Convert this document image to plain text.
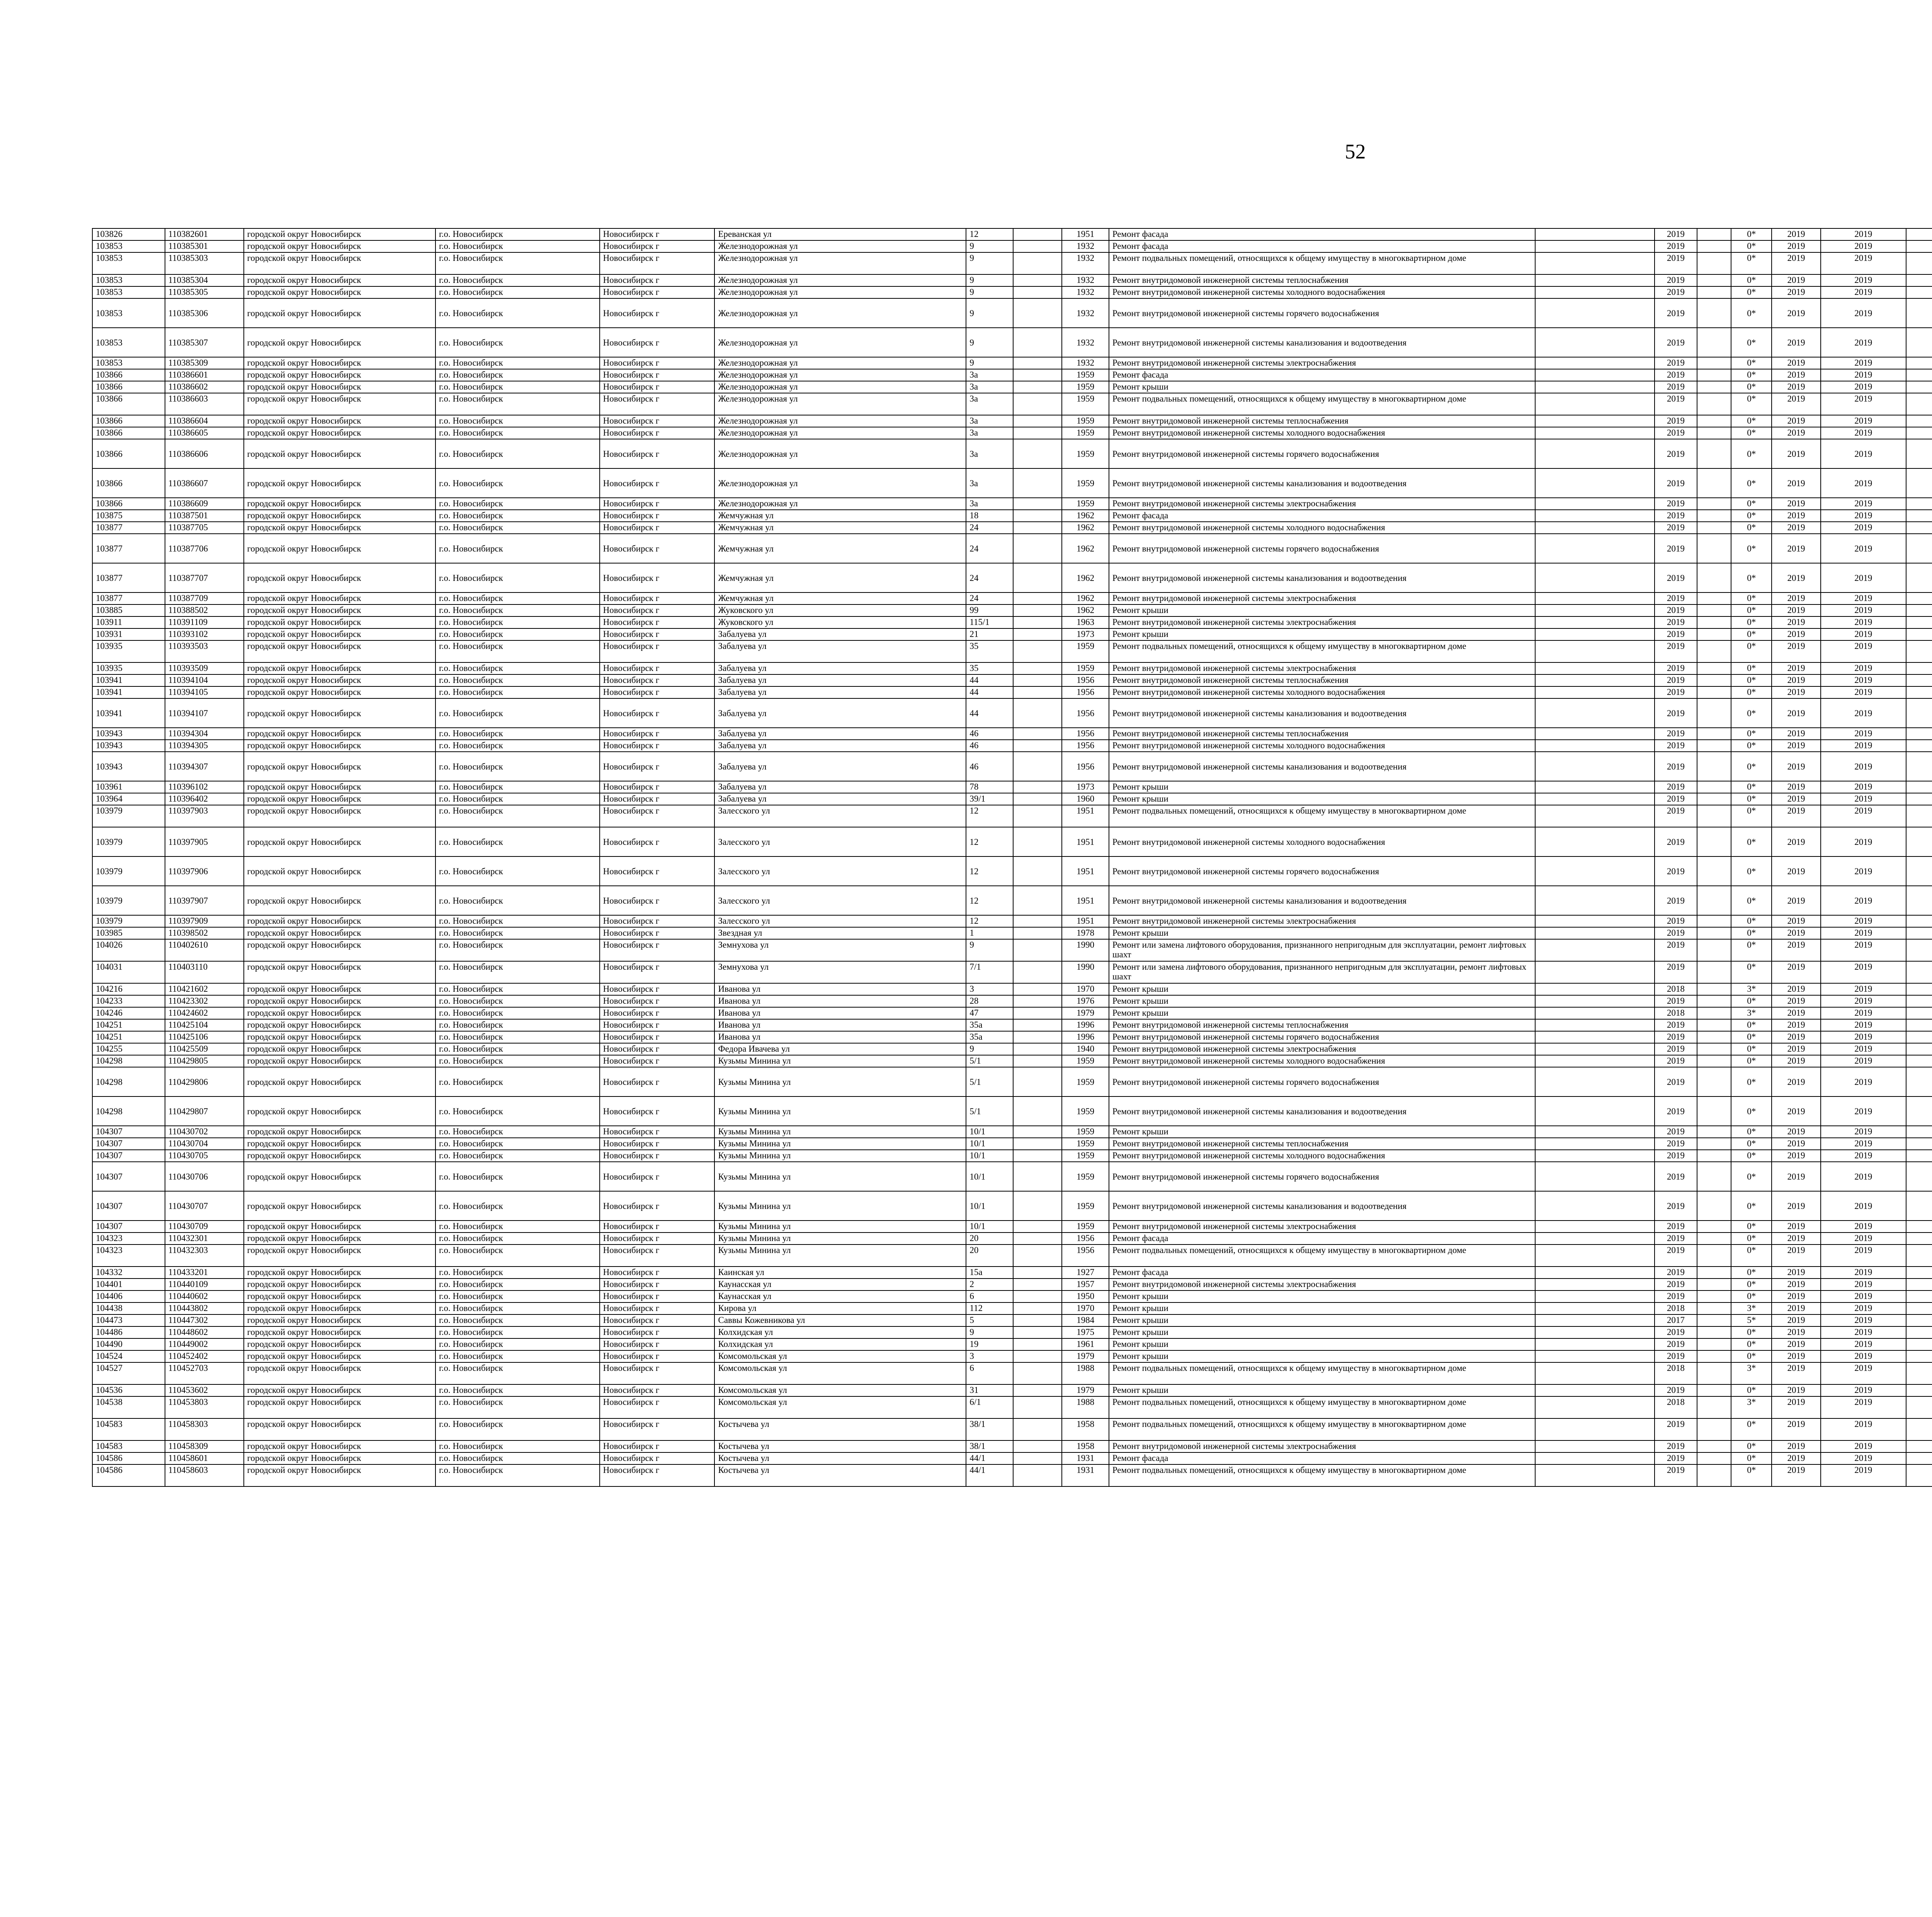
52
103826	110382601	городской округ Новосибирск	г.о. Новосибирск	Новосибирск г	Ереванская ул	12		1951	Ремонт фасада		2019		0*	2019	2019							
103853	110385301	городской округ Новосибирск	г.о. Новосибирск	Новосибирск г	Железнодорожная ул	9		1932	Ремонт фасада		2019		0*	2019	2019							
103853	110385303	городской округ Новосибирск	г.о. Новосибирск	Новосибирск г	Железнодорожная ул	9		1932	Ремонт подвальных помещений, относящихся к общему имуществу в многоквартирном доме		2019		0*	2019	2019							
103853	110385304	городской округ Новосибирск	г.о. Новосибирск	Новосибирск г	Железнодорожная ул	9		1932	Ремонт внутридомовой инженерной системы теплоснабжения		2019		0*	2019	2019							
103853	110385305	городской округ Новосибирск	г.о. Новосибирск	Новосибирск г	Железнодорожная ул	9		1932	Ремонт внутридомовой инженерной системы холодного водоснабжения		2019		0*	2019	2019							
103853	110385306	городской округ Новосибирск	г.о. Новосибирск	Новосибирск г	Железнодорожная ул	9		1932	Ремонт внутридомовой инженерной системы горячего водоснабжения		2019		0*	2019	2019							
103853	110385307	городской округ Новосибирск	г.о. Новосибирск	Новосибирск г	Железнодорожная ул	9		1932	Ремонт внутридомовой инженерной системы канализования и водоотведения		2019		0*	2019	2019							
103853	110385309	городской округ Новосибирск	г.о. Новосибирск	Новосибирск г	Железнодорожная ул	9		1932	Ремонт внутридомовой инженерной системы электроснабжения		2019		0*	2019	2019							
103866	110386601	городской округ Новосибирск	г.о. Новосибирск	Новосибирск г	Железнодорожная ул	3а		1959	Ремонт фасада		2019		0*	2019	2019							
103866	110386602	городской округ Новосибирск	г.о. Новосибирск	Новосибирск г	Железнодорожная ул	3а		1959	Ремонт крыши		2019		0*	2019	2019							
103866	110386603	городской округ Новосибирск	г.о. Новосибирск	Новосибирск г	Железнодорожная ул	3а		1959	Ремонт подвальных помещений, относящихся к общему имуществу в многоквартирном доме		2019		0*	2019	2019							
103866	110386604	городской округ Новосибирск	г.о. Новосибирск	Новосибирск г	Железнодорожная ул	3а		1959	Ремонт внутридомовой инженерной системы теплоснабжения		2019		0*	2019	2019							
103866	110386605	городской округ Новосибирск	г.о. Новосибирск	Новосибирск г	Железнодорожная ул	3а		1959	Ремонт внутридомовой инженерной системы холодного водоснабжения		2019		0*	2019	2019							
103866	110386606	городской округ Новосибирск	г.о. Новосибирск	Новосибирск г	Железнодорожная ул	3а		1959	Ремонт внутридомовой инженерной системы горячего водоснабжения		2019		0*	2019	2019							
103866	110386607	городской округ Новосибирск	г.о. Новосибирск	Новосибирск г	Железнодорожная ул	3а		1959	Ремонт внутридомовой инженерной системы канализования и водоотведения		2019		0*	2019	2019							
103866	110386609	городской округ Новосибирск	г.о. Новосибирск	Новосибирск г	Железнодорожная ул	3а		1959	Ремонт внутридомовой инженерной системы электроснабжения		2019		0*	2019	2019							
103875	110387501	городской округ Новосибирск	г.о. Новосибирск	Новосибирск г	Жемчужная ул	18		1962	Ремонт фасада		2019		0*	2019	2019							
103877	110387705	городской округ Новосибирск	г.о. Новосибирск	Новосибирск г	Жемчужная ул	24		1962	Ремонт внутридомовой инженерной системы холодного водоснабжения		2019		0*	2019	2019							
103877	110387706	городской округ Новосибирск	г.о. Новосибирск	Новосибирск г	Жемчужная ул	24		1962	Ремонт внутридомовой инженерной системы горячего водоснабжения		2019		0*	2019	2019							
103877	110387707	городской округ Новосибирск	г.о. Новосибирск	Новосибирск г	Жемчужная ул	24		1962	Ремонт внутридомовой инженерной системы канализования и водоотведения		2019		0*	2019	2019							
103877	110387709	городской округ Новосибирск	г.о. Новосибирск	Новосибирск г	Жемчужная ул	24		1962	Ремонт внутридомовой инженерной системы электроснабжения		2019		0*	2019	2019							
103885	110388502	городской округ Новосибирск	г.о. Новосибирск	Новосибирск г	Жуковского ул	99		1962	Ремонт крыши		2019		0*	2019	2019							
103911	110391109	городской округ Новосибирск	г.о. Новосибирск	Новосибирск г	Жуковского ул	115/1		1963	Ремонт внутридомовой инженерной системы электроснабжения		2019		0*	2019	2019							
103931	110393102	городской округ Новосибирск	г.о. Новосибирск	Новосибирск г	Забалуева ул	21		1973	Ремонт крыши		2019		0*	2019	2019							
103935	110393503	городской округ Новосибирск	г.о. Новосибирск	Новосибирск г	Забалуева ул	35		1959	Ремонт подвальных помещений, относящихся к общему имуществу в многоквартирном доме		2019		0*	2019	2019							
103935	110393509	городской округ Новосибирск	г.о. Новосибирск	Новосибирск г	Забалуева ул	35		1959	Ремонт внутридомовой инженерной системы электроснабжения		2019		0*	2019	2019							
103941	110394104	городской округ Новосибирск	г.о. Новосибирск	Новосибирск г	Забалуева ул	44		1956	Ремонт внутридомовой инженерной системы теплоснабжения		2019		0*	2019	2019							
103941	110394105	городской округ Новосибирск	г.о. Новосибирск	Новосибирск г	Забалуева ул	44		1956	Ремонт внутридомовой инженерной системы холодного водоснабжения		2019		0*	2019	2019							
103941	110394107	городской округ Новосибирск	г.о. Новосибирск	Новосибирск г	Забалуева ул	44		1956	Ремонт внутридомовой инженерной системы канализования и водоотведения		2019		0*	2019	2019							
103943	110394304	городской округ Новосибирск	г.о. Новосибирск	Новосибирск г	Забалуева ул	46		1956	Ремонт внутридомовой инженерной системы теплоснабжения		2019		0*	2019	2019							
103943	110394305	городской округ Новосибирск	г.о. Новосибирск	Новосибирск г	Забалуева ул	46		1956	Ремонт внутридомовой инженерной системы холодного водоснабжения		2019		0*	2019	2019							
103943	110394307	городской округ Новосибирск	г.о. Новосибирск	Новосибирск г	Забалуева ул	46		1956	Ремонт внутридомовой инженерной системы канализования и водоотведения		2019		0*	2019	2019							
103961	110396102	городской округ Новосибирск	г.о. Новосибирск	Новосибирск г	Забалуева ул	78		1973	Ремонт крыши		2019		0*	2019	2019							
103964	110396402	городской округ Новосибирск	г.о. Новосибирск	Новосибирск г	Забалуева ул	39/1		1960	Ремонт крыши		2019		0*	2019	2019							
103979	110397903	городской округ Новосибирск	г.о. Новосибирск	Новосибирск г	Залесского ул	12		1951	Ремонт подвальных помещений, относящихся к общему имуществу в многоквартирном доме		2019		0*	2019	2019							
103979	110397905	городской округ Новосибирск	г.о. Новосибирск	Новосибирск г	Залесского ул	12		1951	Ремонт внутридомовой инженерной системы холодного водоснабжения		2019		0*	2019	2019							
103979	110397906	городской округ Новосибирск	г.о. Новосибирск	Новосибирск г	Залесского ул	12		1951	Ремонт внутридомовой инженерной системы горячего водоснабжения		2019		0*	2019	2019							
103979	110397907	городской округ Новосибирск	г.о. Новосибирск	Новосибирск г	Залесского ул	12		1951	Ремонт внутридомовой инженерной системы канализования и водоотведения		2019		0*	2019	2019							
103979	110397909	городской округ Новосибирск	г.о. Новосибирск	Новосибирск г	Залесского ул	12		1951	Ремонт внутридомовой инженерной системы электроснабжения		2019		0*	2019	2019							
103985	110398502	городской округ Новосибирск	г.о. Новосибирск	Новосибирск г	Звездная ул	1		1978	Ремонт крыши		2019		0*	2019	2019							
104026	110402610	городской округ Новосибирск	г.о. Новосибирск	Новосибирск г	Земнухова ул	9		1990	Ремонт или замена лифтового оборудования, признанного непригодным для эксплуатации, ремонт лифтовых шахт		2019		0*	2019	2019							
104031	110403110	городской округ Новосибирск	г.о. Новосибирск	Новосибирск г	Земнухова ул	7/1		1990	Ремонт или замена лифтового оборудования, признанного непригодным для эксплуатации, ремонт лифтовых шахт		2019		0*	2019	2019							
104216	110421602	городской округ Новосибирск	г.о. Новосибирск	Новосибирск г	Иванова ул	3		1970	Ремонт крыши		2018		3*	2019	2019							
104233	110423302	городской округ Новосибирск	г.о. Новосибирск	Новосибирск г	Иванова ул	28		1976	Ремонт крыши		2019		0*	2019	2019							
104246	110424602	городской округ Новосибирск	г.о. Новосибирск	Новосибирск г	Иванова ул	47		1979	Ремонт крыши		2018		3*	2019	2019							
104251	110425104	городской округ Новосибирск	г.о. Новосибирск	Новосибирск г	Иванова ул	35а		1996	Ремонт внутридомовой инженерной системы теплоснабжения		2019		0*	2019	2019							
104251	110425106	городской округ Новосибирск	г.о. Новосибирск	Новосибирск г	Иванова ул	35а		1996	Ремонт внутридомовой инженерной системы горячего водоснабжения		2019		0*	2019	2019							
104255	110425509	городской округ Новосибирск	г.о. Новосибирск	Новосибирск г	Федора Ивачева ул	9		1940	Ремонт внутридомовой инженерной системы электроснабжения		2019		0*	2019	2019							
104298	110429805	городской округ Новосибирск	г.о. Новосибирск	Новосибирск г	Кузьмы Минина ул	5/1		1959	Ремонт внутридомовой инженерной системы холодного водоснабжения		2019		0*	2019	2019							
104298	110429806	городской округ Новосибирск	г.о. Новосибирск	Новосибирск г	Кузьмы Минина ул	5/1		1959	Ремонт внутридомовой инженерной системы горячего водоснабжения		2019		0*	2019	2019							
104298	110429807	городской округ Новосибирск	г.о. Новосибирск	Новосибирск г	Кузьмы Минина ул	5/1		1959	Ремонт внутридомовой инженерной системы канализования и водоотведения		2019		0*	2019	2019							
104307	110430702	городской округ Новосибирск	г.о. Новосибирск	Новосибирск г	Кузьмы Минина ул	10/1		1959	Ремонт крыши		2019		0*	2019	2019							
104307	110430704	городской округ Новосибирск	г.о. Новосибирск	Новосибирск г	Кузьмы Минина ул	10/1		1959	Ремонт внутридомовой инженерной системы теплоснабжения		2019		0*	2019	2019							
104307	110430705	городской округ Новосибирск	г.о. Новосибирск	Новосибирск г	Кузьмы Минина ул	10/1		1959	Ремонт внутридомовой инженерной системы холодного водоснабжения		2019		0*	2019	2019							
104307	110430706	городской округ Новосибирск	г.о. Новосибирск	Новосибирск г	Кузьмы Минина ул	10/1		1959	Ремонт внутридомовой инженерной системы горячего водоснабжения		2019		0*	2019	2019							
104307	110430707	городской округ Новосибирск	г.о. Новосибирск	Новосибирск г	Кузьмы Минина ул	10/1		1959	Ремонт внутридомовой инженерной системы канализования и водоотведения		2019		0*	2019	2019							
104307	110430709	городской округ Новосибирск	г.о. Новосибирск	Новосибирск г	Кузьмы Минина ул	10/1		1959	Ремонт внутридомовой инженерной системы электроснабжения		2019		0*	2019	2019							
104323	110432301	городской округ Новосибирск	г.о. Новосибирск	Новосибирск г	Кузьмы Минина ул	20		1956	Ремонт фасада		2019		0*	2019	2019							
104323	110432303	городской округ Новосибирск	г.о. Новосибирск	Новосибирск г	Кузьмы Минина ул	20		1956	Ремонт подвальных помещений, относящихся к общему имуществу в многоквартирном доме		2019		0*	2019	2019							
104332	110433201	городской округ Новосибирск	г.о. Новосибирск	Новосибирск г	Каинская ул	15а		1927	Ремонт фасада		2019		0*	2019	2019							
104401	110440109	городской округ Новосибирск	г.о. Новосибирск	Новосибирск г	Каунасская ул	2		1957	Ремонт внутридомовой инженерной системы электроснабжения		2019		0*	2019	2019							
104406	110440602	городской округ Новосибирск	г.о. Новосибирск	Новосибирск г	Каунасская ул	6		1950	Ремонт крыши		2019		0*	2019	2019							
104438	110443802	городской округ Новосибирск	г.о. Новосибирск	Новосибирск г	Кирова ул	112		1970	Ремонт крыши		2018		3*	2019	2019							
104473	110447302	городской округ Новосибирск	г.о. Новосибирск	Новосибирск г	Саввы Кожевникова ул	5		1984	Ремонт крыши		2017		5*	2019	2019							
104486	110448602	городской округ Новосибирск	г.о. Новосибирск	Новосибирск г	Колхидская ул	9		1975	Ремонт крыши		2019		0*	2019	2019							
104490	110449002	городской округ Новосибирск	г.о. Новосибирск	Новосибирск г	Колхидская ул	19		1961	Ремонт крыши		2019		0*	2019	2019							
104524	110452402	городской округ Новосибирск	г.о. Новосибирск	Новосибирск г	Комсомольская ул	3		1979	Ремонт крыши		2019		0*	2019	2019							
104527	110452703	городской округ Новосибирск	г.о. Новосибирск	Новосибирск г	Комсомольская ул	6		1988	Ремонт подвальных помещений, относящихся к общему имуществу в многоквартирном доме		2018		3*	2019	2019							
104536	110453602	городской округ Новосибирск	г.о. Новосибирск	Новосибирск г	Комсомольская ул	31		1979	Ремонт крыши		2019		0*	2019	2019							
104538	110453803	городской округ Новосибирск	г.о. Новосибирск	Новосибирск г	Комсомольская ул	6/1		1988	Ремонт подвальных помещений, относящихся к общему имуществу в многоквартирном доме		2018		3*	2019	2019							
104583	110458303	городской округ Новосибирск	г.о. Новосибирск	Новосибирск г	Костычева ул	38/1		1958	Ремонт подвальных помещений, относящихся к общему имуществу в многоквартирном доме		2019		0*	2019	2019							
104583	110458309	городской округ Новосибирск	г.о. Новосибирск	Новосибирск г	Костычева ул	38/1		1958	Ремонт внутридомовой инженерной системы электроснабжения		2019		0*	2019	2019							
104586	110458601	городской округ Новосибирск	г.о. Новосибирск	Новосибирск г	Костычева ул	44/1		1931	Ремонт фасада		2019		0*	2019	2019							
104586	110458603	городской округ Новосибирск	г.о. Новосибирск	Новосибирск г	Костычева ул	44/1		1931	Ремонт подвальных помещений, относящихся к общему имуществу в многоквартирном доме		2019		0*	2019	2019							
